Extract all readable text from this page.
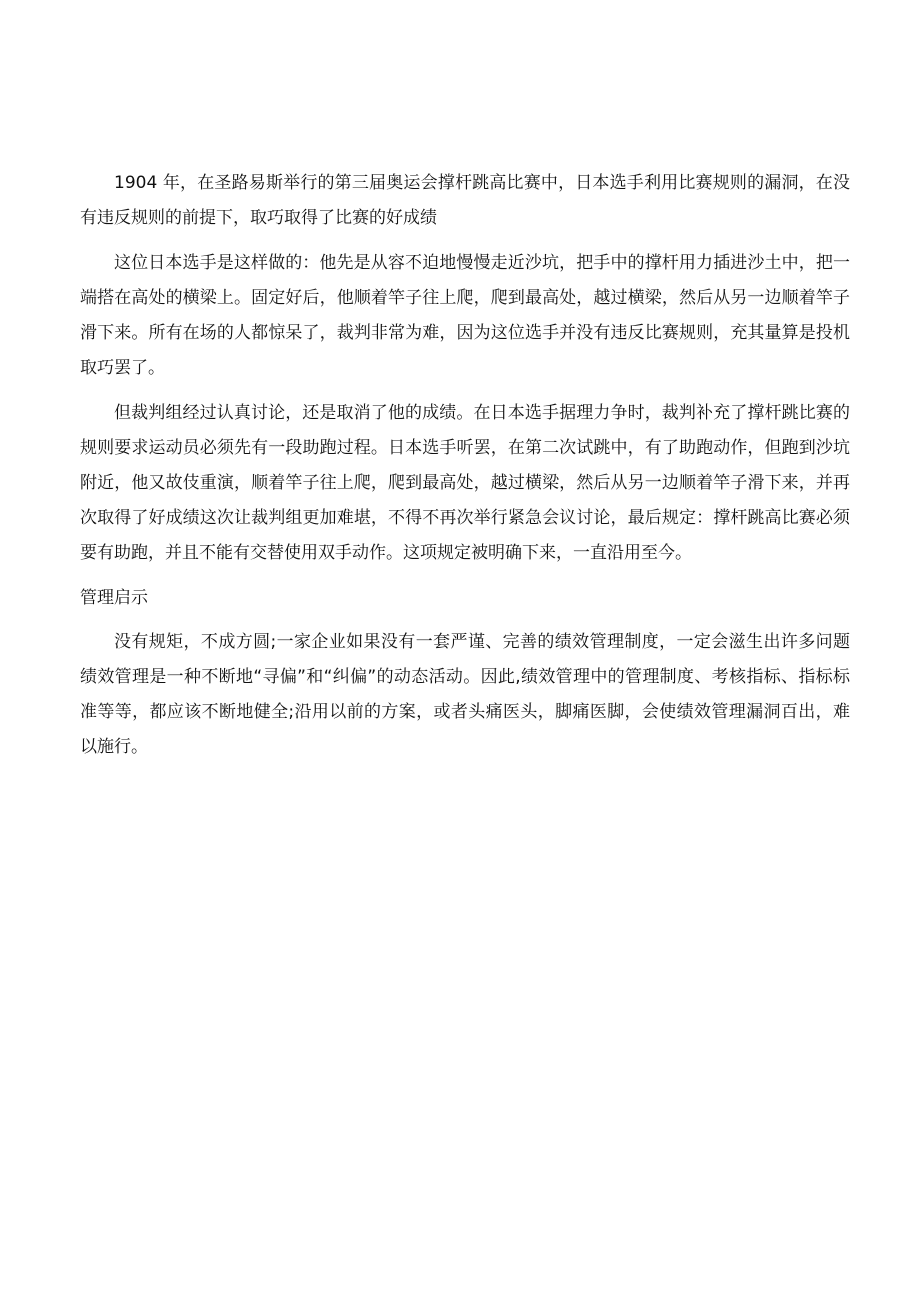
1904 年，在圣路易斯举行的第三届奥运会撑杆跳高比赛中，日本选手利用比赛规则的漏洞，在没有违反规则的前提下，取巧取得了比赛的好成绩

这位日本选手是这样做的：他先是从容不迫地慢慢走近沙坑，把手中的撑杆用力插进沙土中，把一端搭在高处的横梁上。固定好后，他顺着竿子往上爬，爬到最高处，越过横梁，然后从另一边顺着竿子滑下来。所有在场的人都惊呆了，裁判非常为难，因为这位选手并没有违反比赛规则，充其量算是投机取巧罢了。

但裁判组经过认真讨论，还是取消了他的成绩。在日本选手据理力争时，裁判补充了撑杆跳比赛的规则要求运动员必须先有一段助跑过程。日本选手听罢，在第二次试跳中，有了助跑动作，但跑到沙坑附近，他又故伎重演，顺着竿子往上爬，爬到最高处，越过横梁，然后从另一边顺着竿子滑下来，并再次取得了好成绩这次让裁判组更加难堪，不得不再次举行紧急会议讨论，最后规定：撑杆跳高比赛必须要有助跑，并且不能有交替使用双手动作。这项规定被明确下来，一直沿用至今。

管理启示

没有规矩，不成方圆;一家企业如果没有一套严谨、完善的绩效管理制度，一定会滋生出许多问题绩效管理是一种不断地“寻偏”和“纠偏”的动态活动。因此,绩效管理中的管理制度、考核指标、指标标准等等，都应该不断地健全;沿用以前的方案，或者头痛医头，脚痛医脚，会使绩效管理漏洞百出，难以施行。
